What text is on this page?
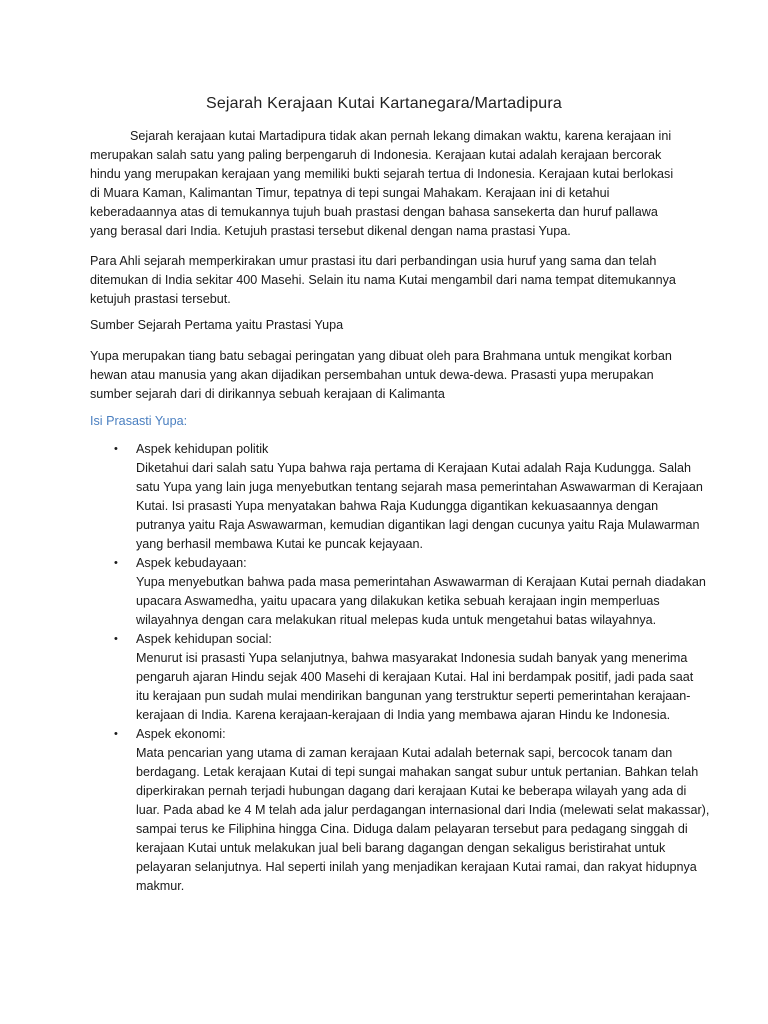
Sejarah Kerajaan Kutai Kartanegara/Martadipura

Sejarah kerajaan kutai Martadipura tidak akan pernah lekang dimakan waktu, karena kerajaan ini merupakan salah satu yang paling berpengaruh di Indonesia. Kerajaan kutai adalah kerajaan bercorak hindu yang merupakan kerajaan yang memiliki bukti sejarah tertua di Indonesia. Kerajaan kutai berlokasi di Muara Kaman, Kalimantan Timur, tepatnya di tepi sungai Mahakam. Kerajaan ini di ketahui keberadaannya atas di temukannya tujuh buah prastasi dengan bahasa sansekerta dan huruf pallawa yang berasal dari India. Ketujuh prastasi tersebut dikenal dengan nama prastasi Yupa.

Para Ahli sejarah memperkirakan umur prastasi itu dari perbandingan usia huruf yang sama dan telah ditemukan di India sekitar 400 Masehi. Selain itu nama Kutai mengambil dari nama tempat ditemukannya ketujuh prastasi tersebut.

Sumber Sejarah Pertama yaitu Prastasi Yupa

Yupa merupakan tiang batu sebagai peringatan yang dibuat oleh para Brahmana untuk mengikat korban hewan atau manusia yang akan dijadikan persembahan untuk dewa-dewa. Prasasti yupa merupakan sumber sejarah dari di dirikannya sebuah kerajaan di Kalimanta

Isi Prasasti Yupa:

• Aspek kehidupan politik
Diketahui dari salah satu Yupa bahwa raja pertama di Kerajaan Kutai adalah Raja Kudungga. Salah satu Yupa yang lain juga menyebutkan tentang sejarah masa pemerintahan Aswawarman di Kerajaan Kutai. Isi prasasti Yupa menyatakan bahwa Raja Kudungga digantikan kekuasaannya dengan putranya yaitu Raja Aswawarman, kemudian digantikan lagi dengan cucunya yaitu Raja Mulawarman yang berhasil membawa Kutai ke puncak kejayaan.
• Aspek kebudayaan:
Yupa menyebutkan bahwa pada masa pemerintahan Aswawarman di Kerajaan Kutai pernah diadakan upacara Aswamedha, yaitu upacara yang dilakukan ketika sebuah kerajaan ingin memperluas wilayahnya dengan cara melakukan ritual melepas kuda untuk mengetahui batas wilayahnya.
• Aspek kehidupan social:
Menurut isi prasasti Yupa selanjutnya, bahwa masyarakat Indonesia sudah banyak yang menerima pengaruh ajaran Hindu sejak 400 Masehi di kerajaan Kutai. Hal ini berdampak positif, jadi pada saat itu kerajaan pun sudah mulai mendirikan bangunan yang terstruktur seperti pemerintahan kerajaan-kerajaan di India. Karena kerajaan-kerajaan di India yang membawa ajaran Hindu ke Indonesia.
• Aspek ekonomi:
Mata pencarian yang utama di zaman kerajaan Kutai adalah beternak sapi, bercocok tanam dan berdagang. Letak kerajaan Kutai di tepi sungai mahakan sangat subur untuk pertanian. Bahkan telah diperkirakan pernah terjadi hubungan dagang dari kerajaan Kutai ke beberapa wilayah yang ada di luar. Pada abad ke 4 M telah ada jalur perdagangan internasional dari India (melewati selat makassar), sampai terus ke Filiphina hingga Cina. Diduga dalam pelayaran tersebut para pedagang singgah di kerajaan Kutai untuk melakukan jual beli barang dagangan dengan sekaligus beristirahat untuk pelayaran selanjutnya. Hal seperti inilah yang menjadikan kerajaan Kutai ramai, dan rakyat hidupnya makmur.
